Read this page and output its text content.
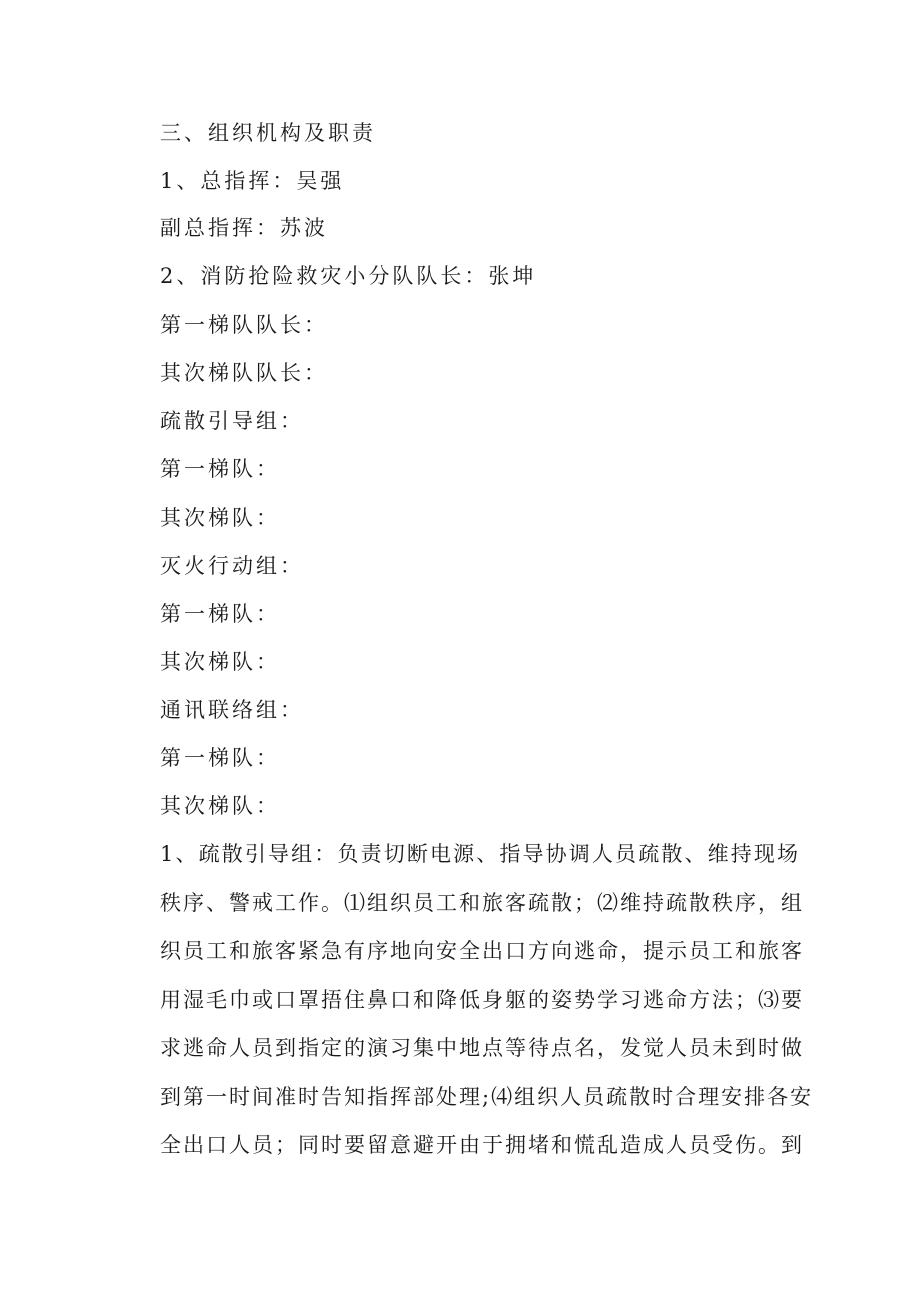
三、组织机构及职责
1、总指挥：吴强
副总指挥：苏波
2、消防抢险救灾小分队队长：张坤
第一梯队队长：
其次梯队队长：
疏散引导组：
第一梯队：
其次梯队：
灭火行动组：
第一梯队：
其次梯队：
通讯联络组：
第一梯队：
其次梯队：
1、疏散引导组：负责切断电源、指导协调人员疏散、维持现场
秩序、警戒工作。⑴组织员工和旅客疏散；⑵维持疏散秩序，组
织员工和旅客紧急有序地向安全出口方向逃命，提示员工和旅客
用湿毛巾或口罩捂住鼻口和降低身躯的姿势学习逃命方法；⑶要
求逃命人员到指定的演习集中地点等待点名，发觉人员未到时做
到第一时间准时告知指挥部处理;⑷组织人员疏散时合理安排各安
全出口人员；同时要留意避开由于拥堵和慌乱造成人员受伤。到
